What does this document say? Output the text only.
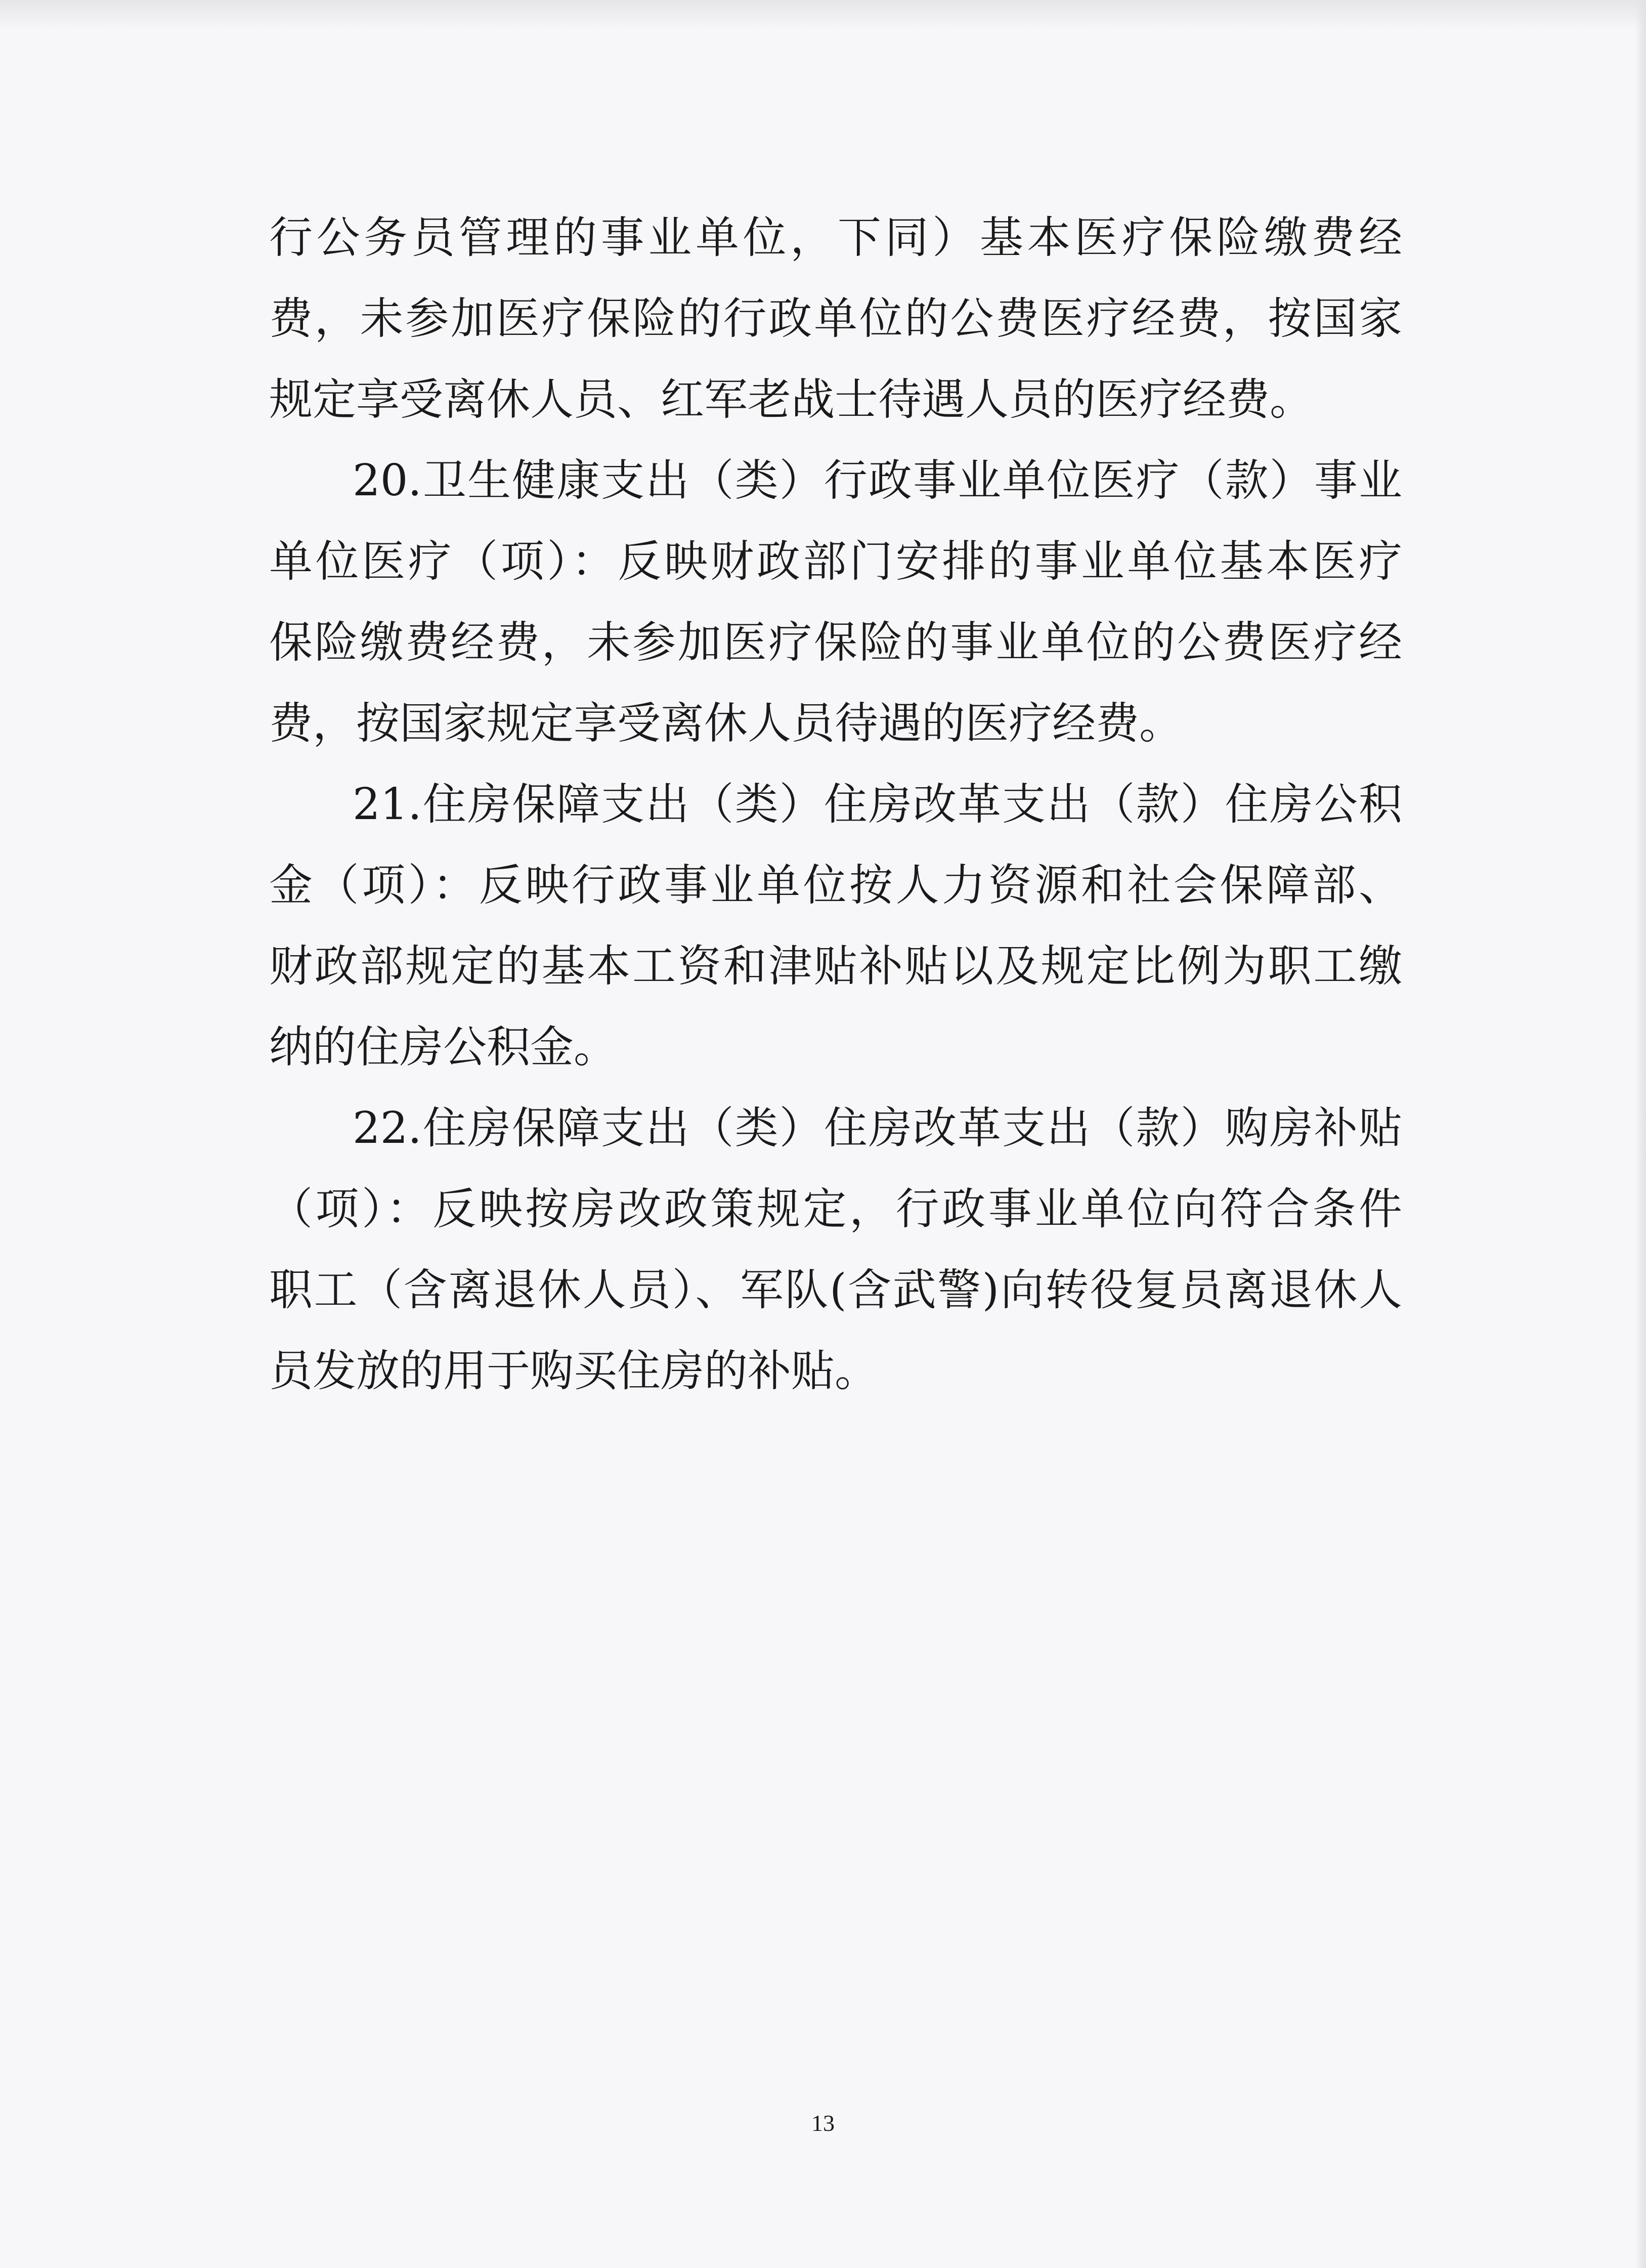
行公务员管理的事业单位，下同）基本医疗保险缴费经
费，未参加医疗保险的行政单位的公费医疗经费，按国家
规定享受离休人员、红军老战士待遇人员的医疗经费。
20.卫生健康支出（类）行政事业单位医疗（款）事业
单位医疗（项）：反映财政部门安排的事业单位基本医疗
保险缴费经费，未参加医疗保险的事业单位的公费医疗经
费，按国家规定享受离休人员待遇的医疗经费。
21.住房保障支出（类）住房改革支出（款）住房公积
金（项）：反映行政事业单位按人力资源和社会保障部、
财政部规定的基本工资和津贴补贴以及规定比例为职工缴
纳的住房公积金。
22.住房保障支出（类）住房改革支出（款）购房补贴
（项）：反映按房改政策规定，行政事业单位向符合条件
职工（含离退休人员）、军队(含武警)向转役复员离退休人
员发放的用于购买住房的补贴。
13
